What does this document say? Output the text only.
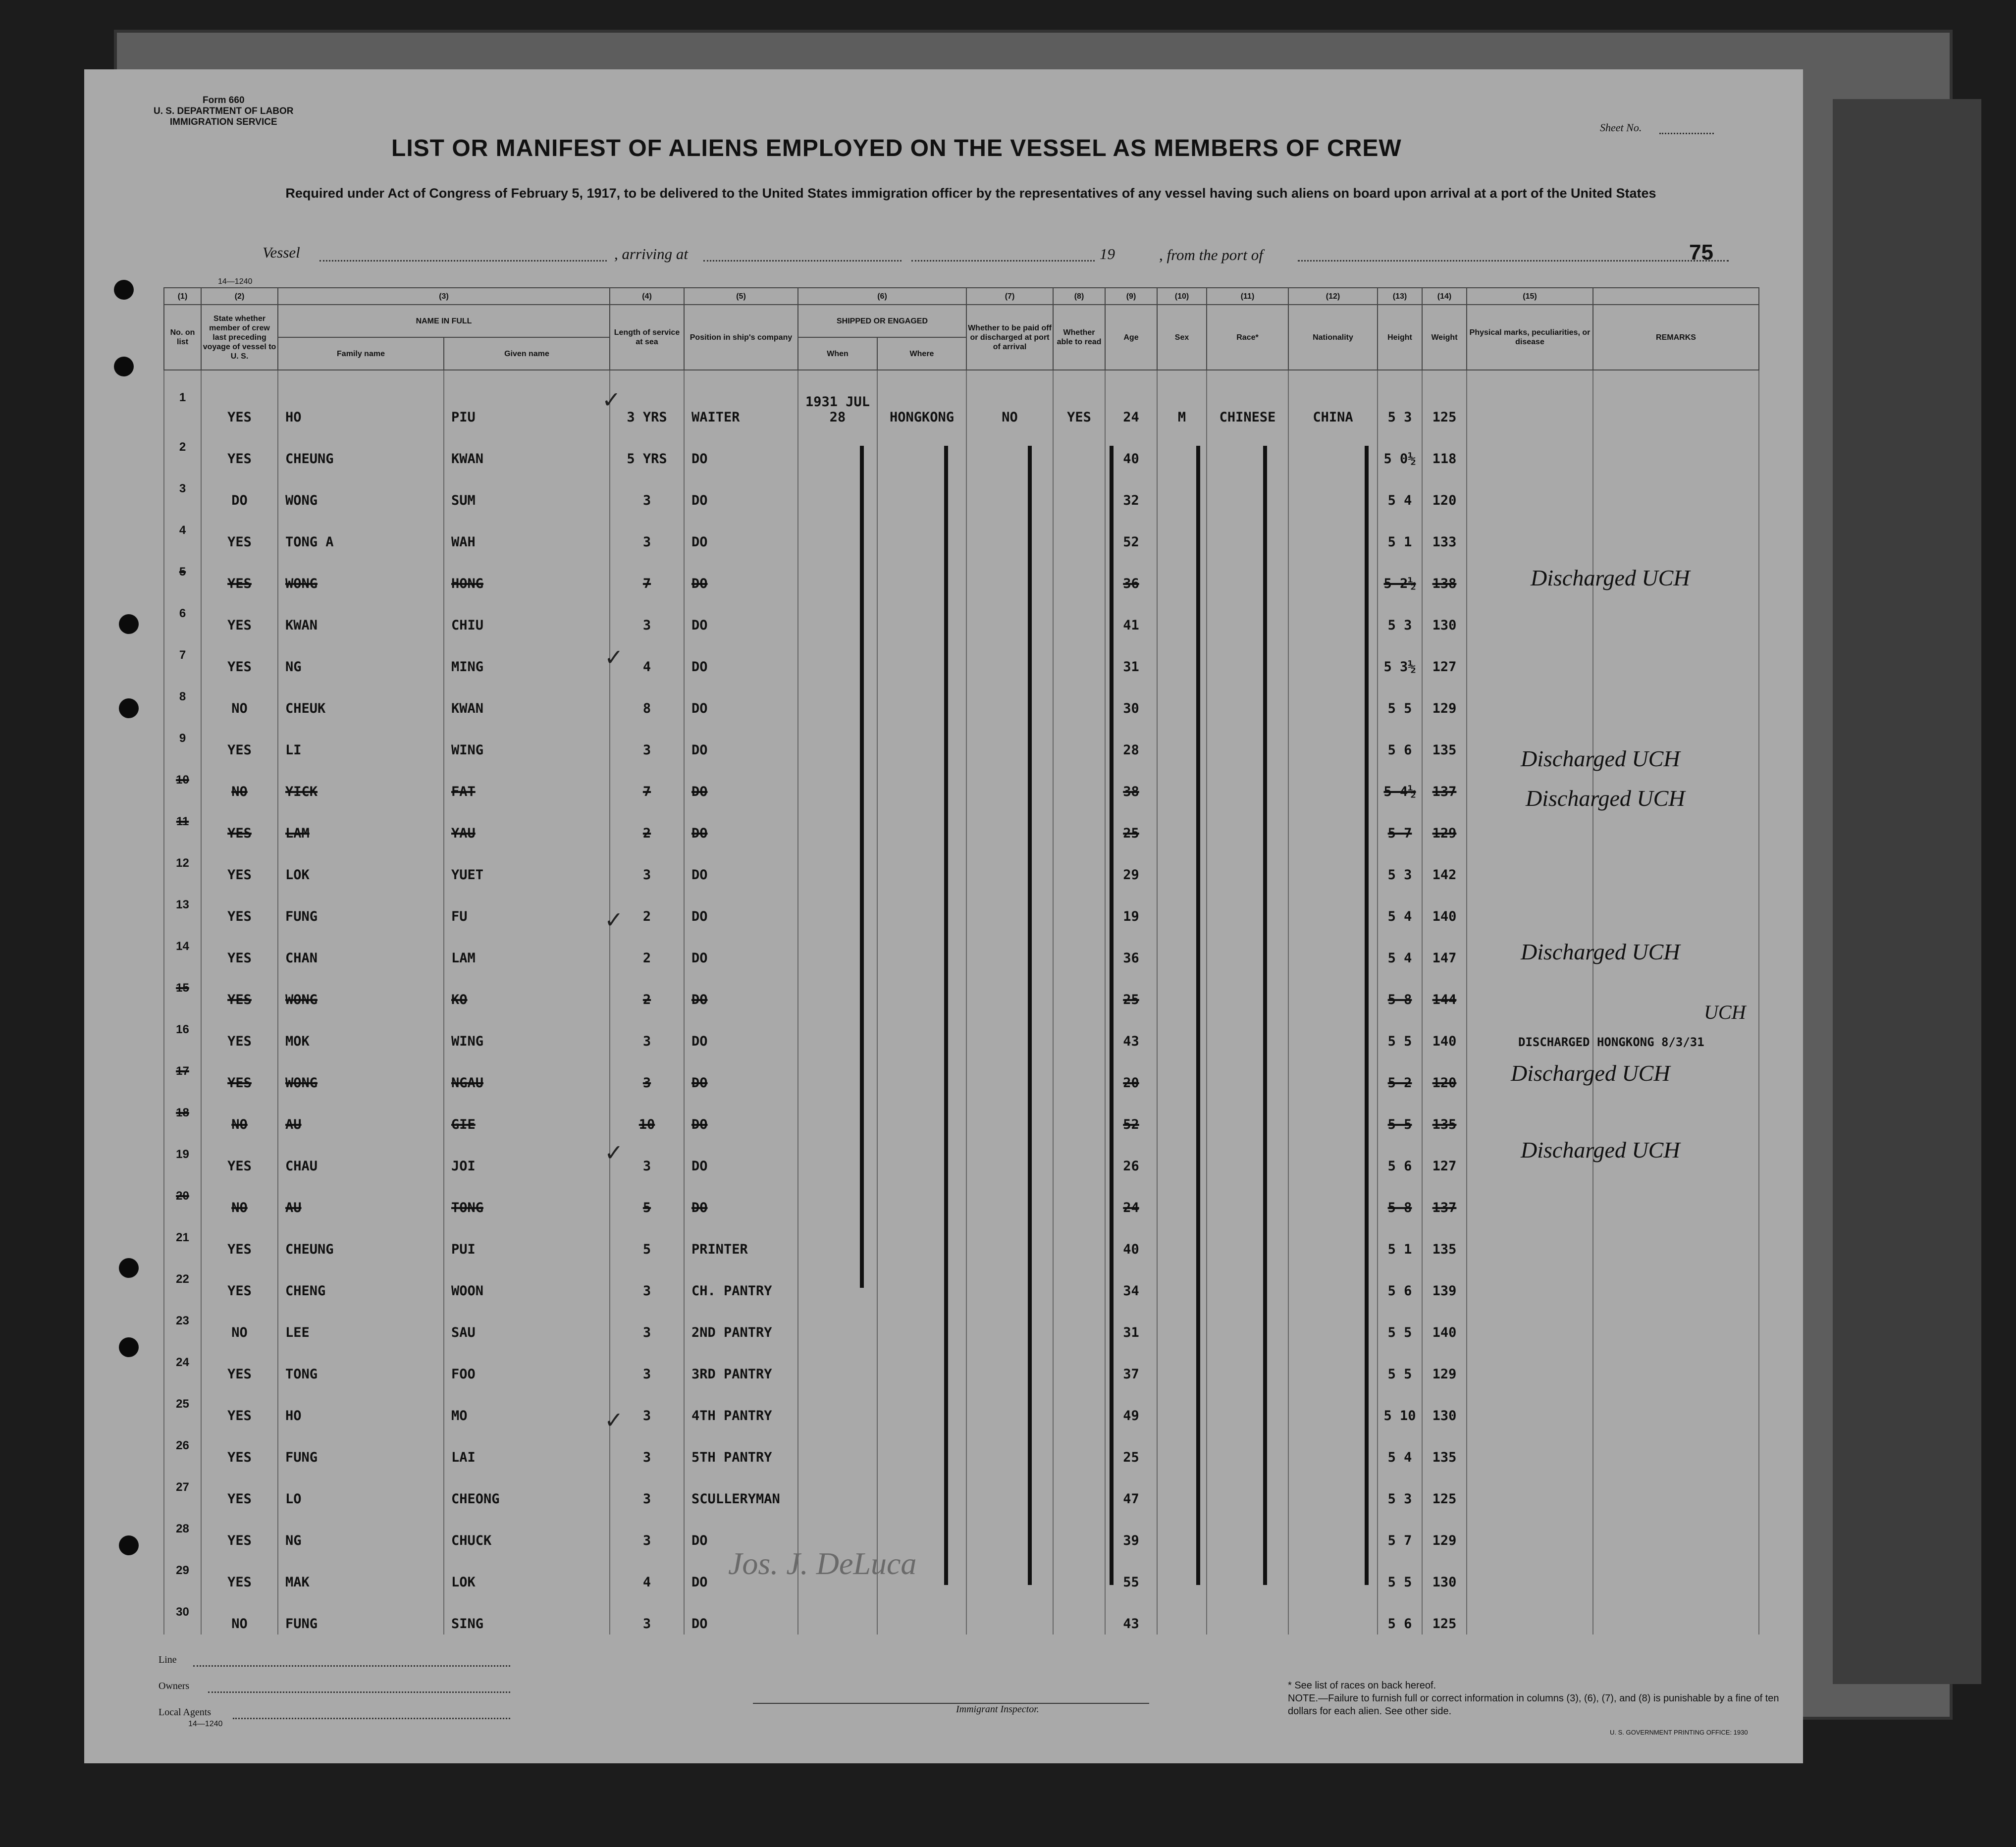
Form 660
U. S. DEPARTMENT OF LABOR
IMMIGRATION SERVICE
LIST OR MANIFEST OF ALIENS EMPLOYED ON THE VESSEL AS MEMBERS OF CREW
Sheet No.
Required under Act of Congress of February 5, 1917, to be delivered to the United States immigration officer by the representatives of any vessel having such aliens on board upon arrival at a port of the United States
Vessel	, arriving at	19	, from the port of	75
14—1240
(1)	(2)	(3)		(4)	(5)	(6)		(7)	(8)	(9)	(10)	(11)	(12)	(13)	(14)	(15)	
No. on list	State whether member of crew last preceding voyage of vessel to U. S.	NAME IN FULL		Length of service at sea	Position in ship's company	SHIPPED OR ENGAGED		Whether to be paid off or discharged at port of arrival	Whether able to read	Age	Sex	Race*	Nationality	Height	Weight	Physical marks, peculiarities, or disease	REMARKS
		Family name	Given name			When	Where										
1	YES	HO	PIU	3 YRS	WAITER	1931 JUL 28	HONGKONG	NO	YES	24	M	CHINESE	CHINA	5 3	125		
2	YES	CHEUNG	KWAN	5 YRS	DO					40				5 0½	118		
3	DO	WONG	SUM	3	DO					32				5 4	120		
4	YES	TONG A	WAH	3	DO					52				5 1	133		
5	YES	WONG	HONG	7	DO					36				5 2½	138		
6	YES	KWAN	CHIU	3	DO					41				5 3	130		
7	YES	NG	MING	4	DO					31				5 3½	127		
8	NO	CHEUK	KWAN	8	DO					30				5 5	129		
9	YES	LI	WING	3	DO					28				5 6	135		
10	NO	YICK	FAT	7	DO					38				5 4½	137		
11	YES	LAM	YAU	2	DO					25				5 7	129		
12	YES	LOK	YUET	3	DO					29				5 3	142		
13	YES	FUNG	FU	2	DO					19				5 4	140		
14	YES	CHAN	LAM	2	DO					36				5 4	147		
15	YES	WONG	KO	2	DO					25				5 8	144		
16	YES	MOK	WING	3	DO					43				5 5	140		
17	YES	WONG	NGAU	3	DO					20				5 2	120		
18	NO	AU	GIE	10	DO					52				5 5	135		
19	YES	CHAU	JOI	3	DO					26				5 6	127		
20	NO	AU	TONG	5	DO					24				5 8	137		
21	YES	CHEUNG	PUI	5	PRINTER					40				5 1	135		
22	YES	CHENG	WOON	3	CH. PANTRY					34				5 6	139		
23	NO	LEE	SAU	3	2ND PANTRY					31				5 5	140		
24	YES	TONG	FOO	3	3RD PANTRY					37				5 5	129		
25	YES	HO	MO	3	4TH PANTRY					49				5 10	130		
26	YES	FUNG	LAI	3	5TH PANTRY					25				5 4	135		
27	YES	LO	CHEONG	3	SCULLERYMAN					47				5 3	125		
28	YES	NG	CHUCK	3	DO					39				5 7	129		
29	YES	MAK	LOK	4	DO					55				5 5	130		
30	NO	FUNG	SING	3	DO					43				5 6	125		
✓
✓
✓
✓
✓
Discharged UCH
Discharged UCH
Discharged UCH
Discharged UCH
UCH
DISCHARGED HONGKONG 8/3/31
Discharged UCH
Discharged UCH
Jos. J. DeLuca
Line
Owners
Local Agents
14—1240
Immigrant Inspector.
* See list of races on back hereof.
NOTE.—Failure to furnish full or correct information in columns (3), (6), (7), and (8) is punishable by a fine of ten dollars for each alien. See other side.
U. S. GOVERNMENT PRINTING OFFICE: 1930
